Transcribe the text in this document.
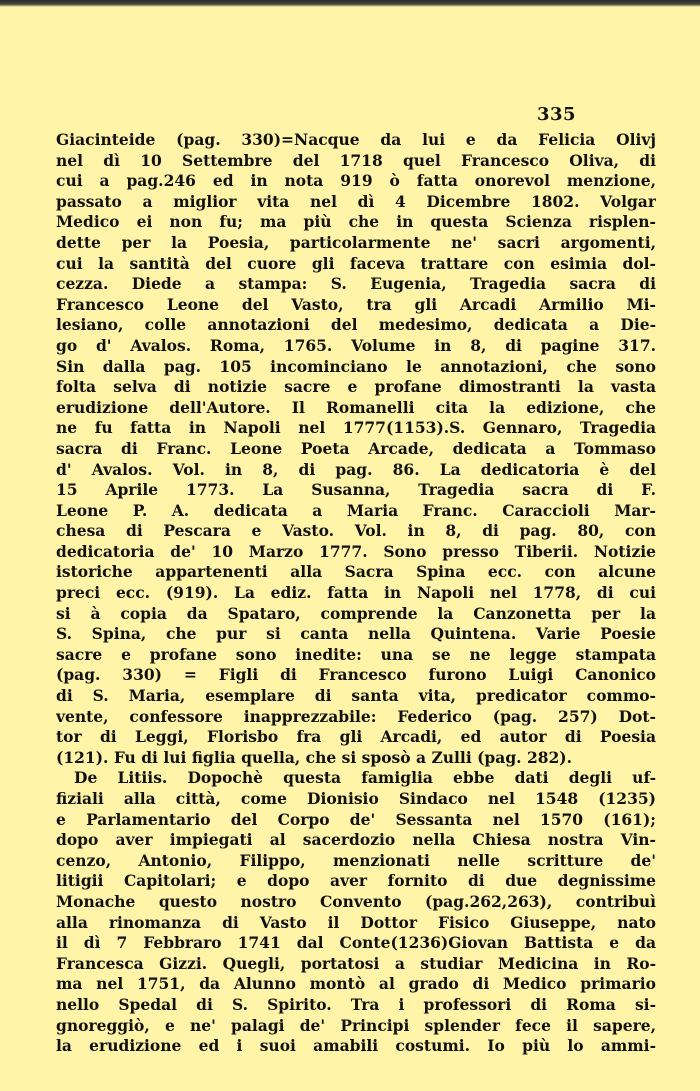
335
Giacinteide (pag. 330)=Nacque da lui e da Felicia Olivj
nel dì 10 Settembre del 1718 quel Francesco Oliva, di
cui a pag.246 ed in nota 919 ò fatta onorevol menzione,
passato a miglior vita nel dì 4 Dicembre 1802. Volgar
Medico ei non fu; ma più che in questa Scienza risplen-
dette per la Poesia, particolarmente ne' sacri argomenti,
cui la santità del cuore gli faceva trattare con esimia dol-
cezza. Diede a stampa: S. Eugenia, Tragedia sacra di
Francesco Leone del Vasto, tra gli Arcadi Armilio Mi-
lesiano, colle annotazioni del medesimo, dedicata a Die-
go d' Avalos. Roma, 1765. Volume in 8, di pagine 317.
Sin dalla pag. 105 incominciano le annotazioni, che sono
folta selva di notizie sacre e profane dimostranti la vasta
erudizione dell'Autore. Il Romanelli cita la edizione, che
ne fu fatta in Napoli nel 1777(1153).S. Gennaro, Tragedia
sacra di Franc. Leone Poeta Arcade, dedicata a Tommaso
d' Avalos. Vol. in 8, di pag. 86. La dedicatoria è del
15 Aprile 1773. La Susanna, Tragedia sacra di F.
Leone P. A. dedicata a Maria Franc. Caraccioli Mar-
chesa di Pescara e Vasto. Vol. in 8, di pag. 80, con
dedicatoria de' 10 Marzo 1777. Sono presso Tiberii. Notizie
istoriche appartenenti alla Sacra Spina ecc. con alcune
preci ecc. (919). La ediz. fatta in Napoli nel 1778, di cui
si à copia da Spataro, comprende la Canzonetta per la
S. Spina, che pur si canta nella Quintena. Varie Poesie
sacre e profane sono inedite: una se ne legge stampata
(pag. 330) = Figli di Francesco furono Luigi Canonico
di S. Maria, esemplare di santa vita, predicator commo-
vente, confessore inapprezzabile: Federico (pag. 257) Dot-
tor di Leggi, Florisbo fra gli Arcadi, ed autor di Poesia
(121). Fu di lui figlia quella, che si sposò a Zulli (pag. 282).
De Litiis. Dopochè questa famiglia ebbe dati degli uf-
fiziali alla città, come Dionisio Sindaco nel 1548 (1235)
e Parlamentario del Corpo de' Sessanta nel 1570 (161);
dopo aver impiegati al sacerdozio nella Chiesa nostra Vin-
cenzo, Antonio, Filippo, menzionati nelle scritture de'
litigii Capitolari; e dopo aver fornito di due degnissime
Monache questo nostro Convento (pag.262,263), contribuì
alla rinomanza di Vasto il Dottor Fisico Giuseppe, nato
il dì 7 Febbraro 1741 dal Conte(1236)Giovan Battista e da
Francesca Gizzi. Quegli, portatosi a studiar Medicina in Ro-
ma nel 1751, da Alunno montò al grado di Medico primario
nello Spedal di S. Spirito. Tra i professori di Roma si-
gnoreggiò, e ne' palagi de' Principi splender fece il sapere,
la erudizione ed i suoi amabili costumi. Io più lo ammi-
